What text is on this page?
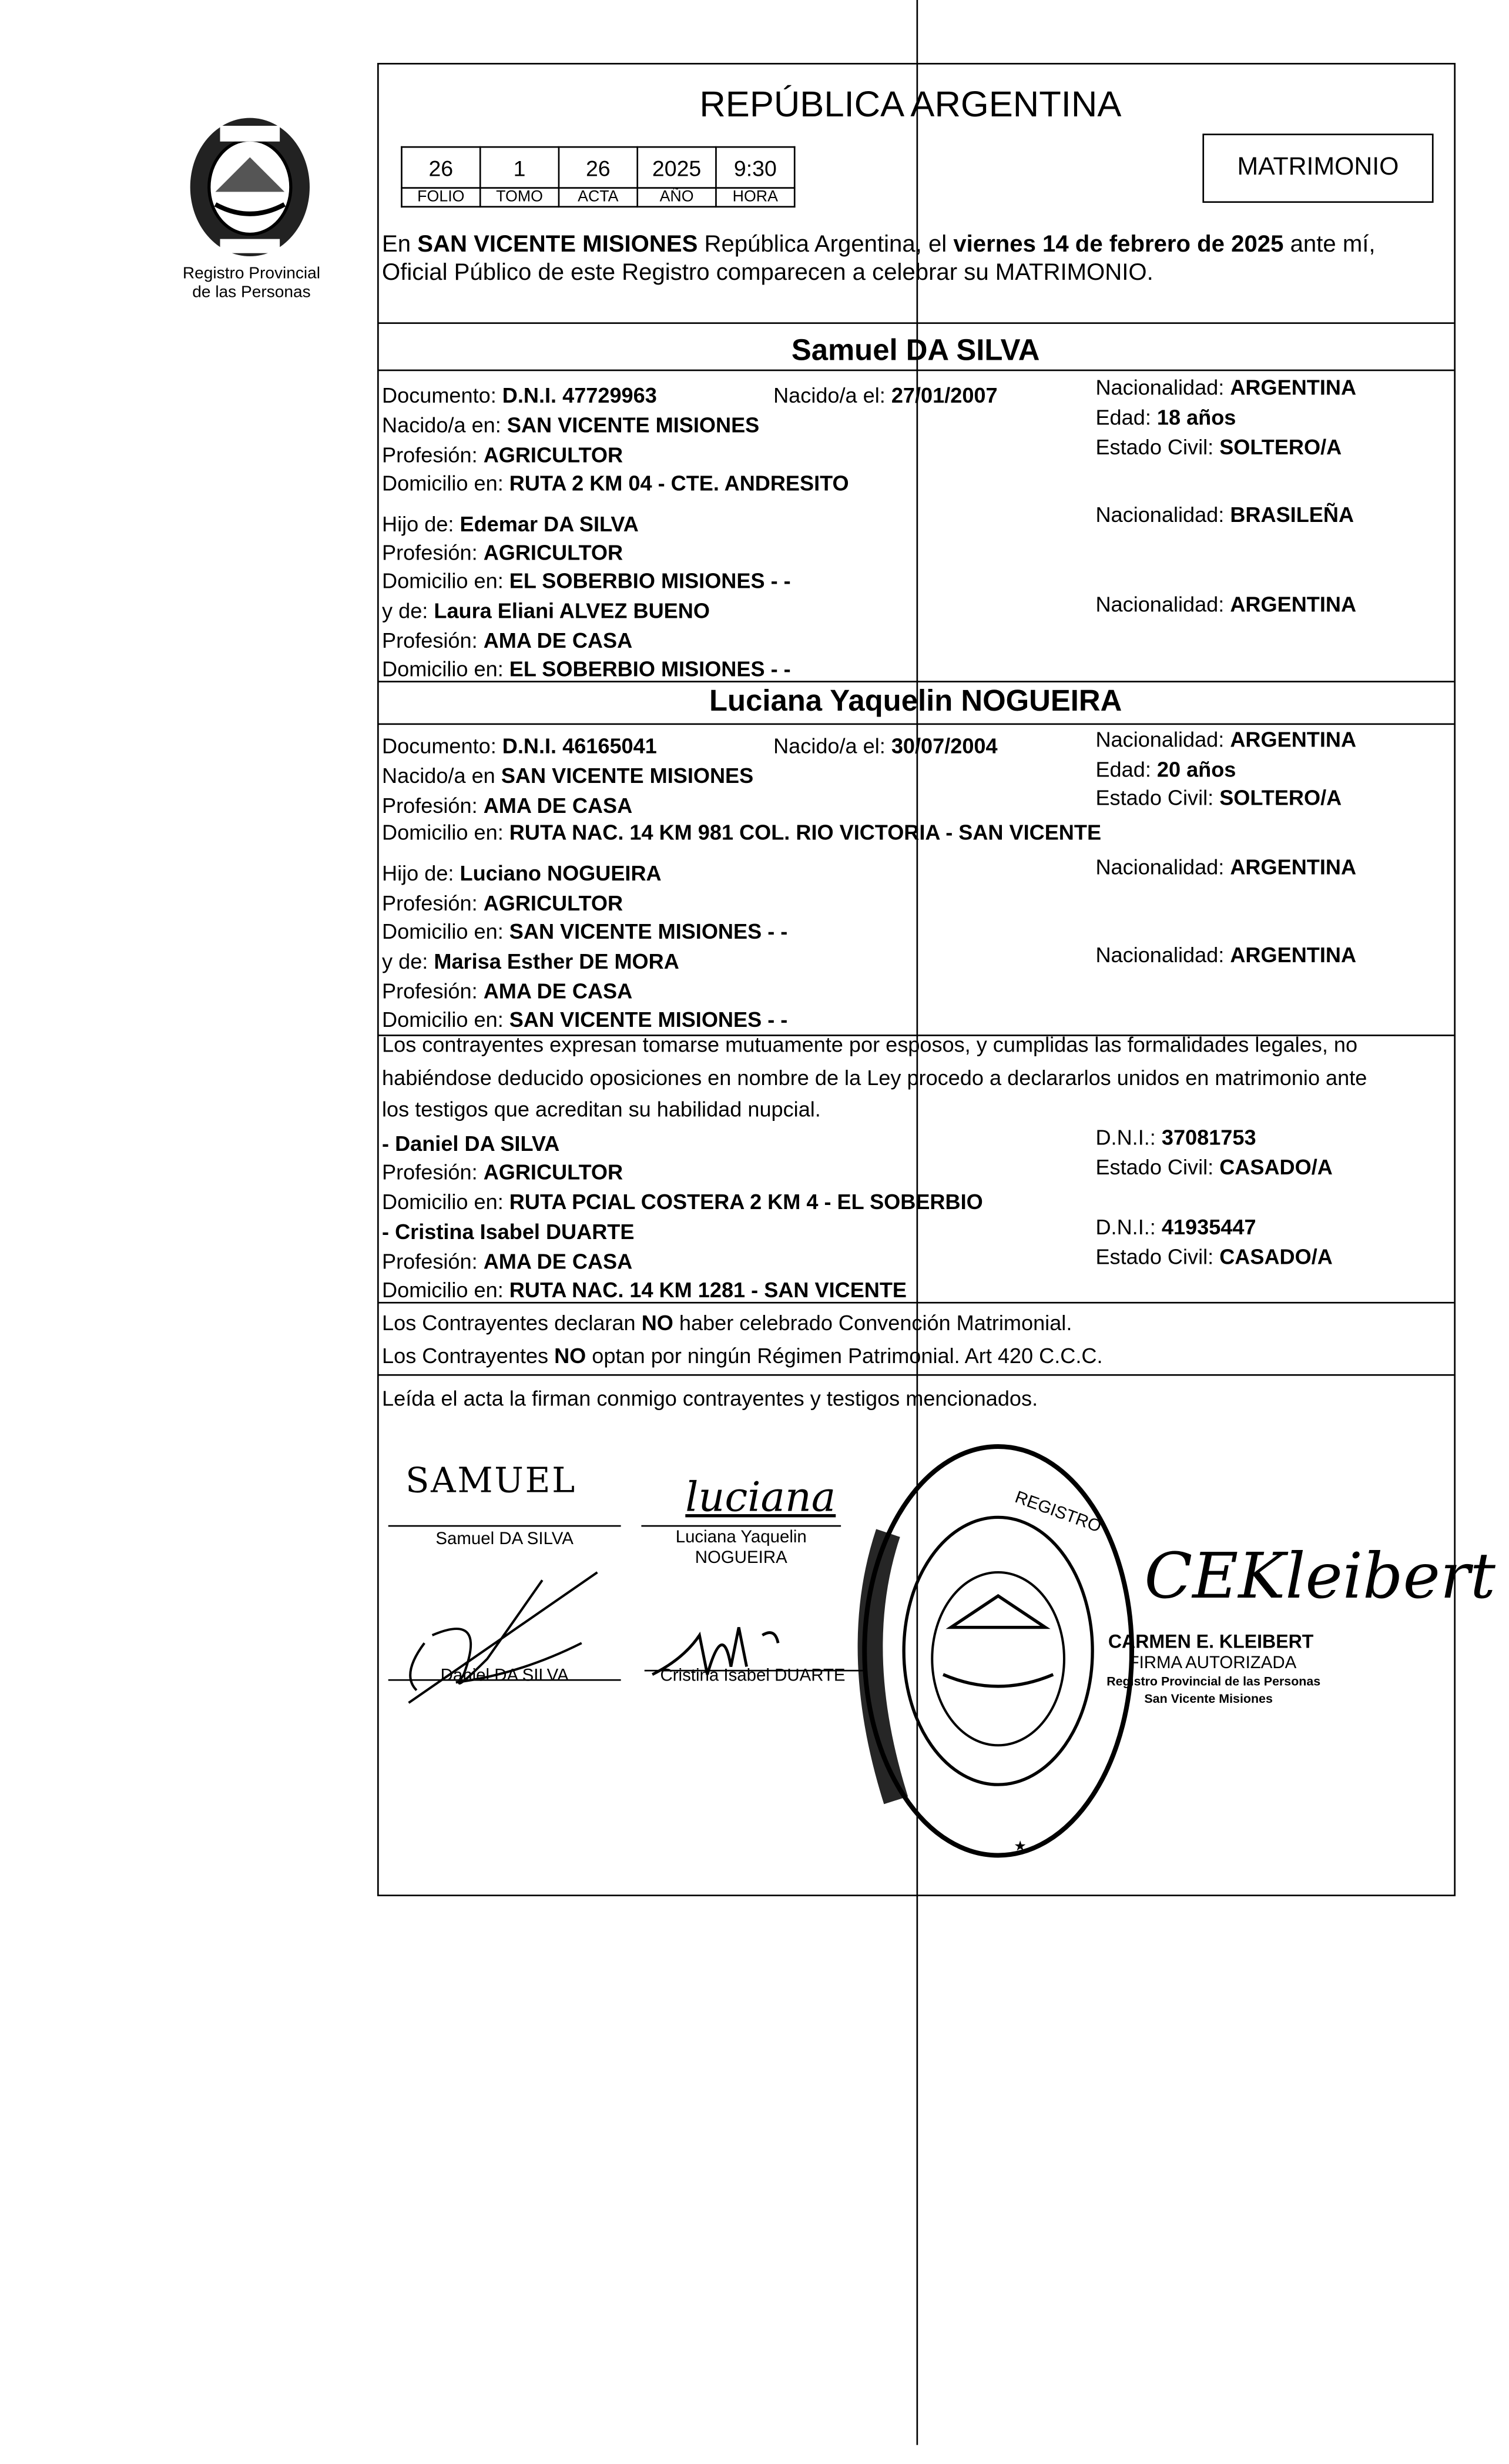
Registro Provincial
de las Personas
REPÚBLICA ARGENTINA
26	1	26	2025	9:30
FOLIO	TOMO	ACTA	AÑO	HORA
MATRIMONIO
En SAN VICENTE MISIONES República Argentina, el viernes 14 de febrero de 2025 ante mí,
Oficial Público de este Registro comparecen a celebrar su MATRIMONIO.
Samuel DA SILVA
Documento: D.N.I. 47729963	Nacido/a el: 27/01/2007	Nacionalidad: ARGENTINA
Nacido/a en: SAN VICENTE MISIONES	Edad: 18 años
Profesión: AGRICULTOR	Estado Civil: SOLTERO/A
Domicilio en: RUTA 2 KM 04 - CTE. ANDRESITO
Hijo de: Edemar DA SILVA	Nacionalidad: BRASILEÑA
Profesión: AGRICULTOR
Domicilio en: EL SOBERBIO MISIONES - -
y de: Laura Eliani ALVEZ BUENO	Nacionalidad: ARGENTINA
Profesión: AMA DE CASA
Domicilio en: EL SOBERBIO MISIONES - -
Luciana Yaquelin NOGUEIRA
Documento: D.N.I. 46165041	Nacido/a el: 30/07/2004	Nacionalidad: ARGENTINA
Nacido/a en SAN VICENTE MISIONES	Edad: 20 años
Profesión: AMA DE CASA	Estado Civil: SOLTERO/A
Domicilio en: RUTA NAC. 14 KM 981 COL. RIO VICTORIA - SAN VICENTE
Hijo de: Luciano NOGUEIRA	Nacionalidad: ARGENTINA
Profesión: AGRICULTOR
Domicilio en: SAN VICENTE MISIONES - -
y de: Marisa Esther DE MORA	Nacionalidad: ARGENTINA
Profesión: AMA DE CASA
Domicilio en: SAN VICENTE MISIONES - -
Los contrayentes expresan tomarse mutuamente por esposos, y cumplidas las formalidades legales, no
habiéndose deducido oposiciones en nombre de la Ley procedo a declararlos unidos en matrimonio ante
los testigos que acreditan su habilidad nupcial.
- Daniel DA SILVA	D.N.I.: 37081753
Profesión: AGRICULTOR	Estado Civil: CASADO/A
Domicilio en: RUTA PCIAL COSTERA 2 KM 4 - EL SOBERBIO
- Cristina Isabel DUARTE	D.N.I.: 41935447
Profesión: AMA DE CASA	Estado Civil: CASADO/A
Domicilio en: RUTA NAC. 14 KM 1281 - SAN VICENTE
Los Contrayentes declaran NO haber celebrado Convención Matrimonial.
Los Contrayentes NO optan por ningún Régimen Patrimonial. Art 420 C.C.C.
Leída el acta la firman conmigo contrayentes y testigos mencionados.
SAMUEL
Samuel DA SILVA
luciana
Luciana Yaquelin
NOGUEIRA
Daniel DA SILVA	Cristina Isabel DUARTE
REGISTRO
★
CEKleibert
CARMEN E. KLEIBERT
FIRMA AUTORIZADA
Registro Provincial de las Personas
San Vicente Misiones
